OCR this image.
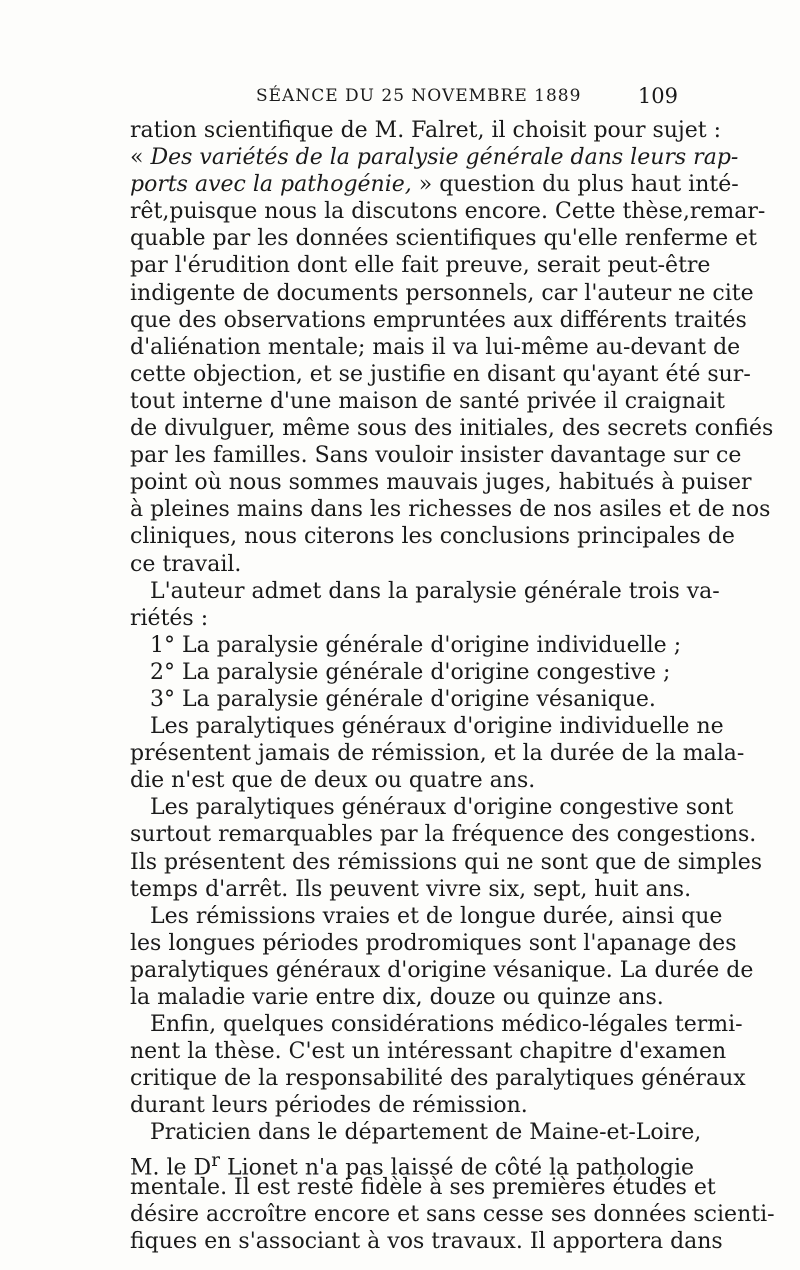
SÉANCE DU 25 NOVEMBRE 1889	109
ration scientifique de M. Falret, il choisit pour sujet :
« Des variétés de la paralysie générale dans leurs rap-
ports avec la pathogénie, » question du plus haut inté-
rêt,puisque nous la discutons encore. Cette thèse,remar-
quable par les données scientifiques qu'elle renferme et
par l'érudition dont elle fait preuve, serait peut-être
indigente de documents personnels, car l'auteur ne cite
que des observations empruntées aux différents traités
d'aliénation mentale; mais il va lui-même au-devant de
cette objection, et se justifie en disant qu'ayant été sur-
tout interne d'une maison de santé privée il craignait
de divulguer, même sous des initiales, des secrets confiés
par les familles. Sans vouloir insister davantage sur ce
point où nous sommes mauvais juges, habitués à puiser
à pleines mains dans les richesses de nos asiles et de nos
cliniques, nous citerons les conclusions principales de
ce travail.
L'auteur admet dans la paralysie générale trois va-
riétés :
1° La paralysie générale d'origine individuelle ;
2° La paralysie générale d'origine congestive ;
3° La paralysie générale d'origine vésanique.
Les paralytiques généraux d'origine individuelle ne
présentent jamais de rémission, et la durée de la mala-
die n'est que de deux ou quatre ans.
Les paralytiques généraux d'origine congestive sont
surtout remarquables par la fréquence des congestions.
Ils présentent des rémissions qui ne sont que de simples
temps d'arrêt. Ils peuvent vivre six, sept, huit ans.
Les rémissions vraies et de longue durée, ainsi que
les longues périodes prodromiques sont l'apanage des
paralytiques généraux d'origine vésanique. La durée de
la maladie varie entre dix, douze ou quinze ans.
Enfin, quelques considérations médico-légales termi-
nent la thèse. C'est un intéressant chapitre d'examen
critique de la responsabilité des paralytiques généraux
durant leurs périodes de rémission.
Praticien dans le département de Maine-et-Loire,
M. le $D^r$ Lionet n'a pas laissé de côté la pathologie
mentale. Il est resté fidèle à ses premières études et
désire accroître encore et sans cesse ses données scienti-
fiques en s'associant à vos travaux. Il apportera dans
